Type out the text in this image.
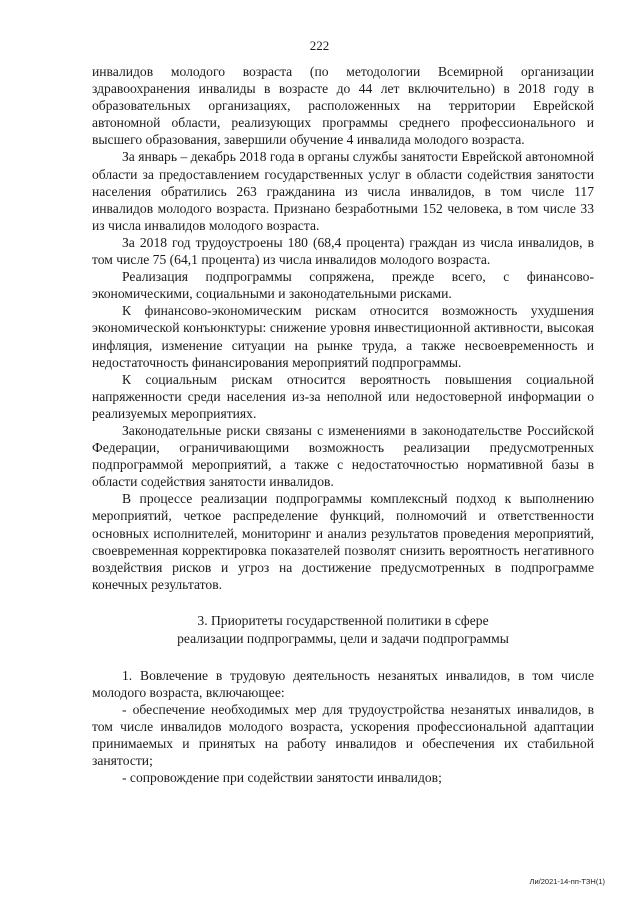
222

инвалидов молодого возраста (по методологии Всемирной организации здравоохранения инвалиды в возрасте до 44 лет включительно) в 2018 году в образовательных организациях, расположенных на территории Еврейской автономной области, реализующих программы среднего профессионального и высшего образования, завершили обучение 4 инвалида молодого возраста.

За январь – декабрь 2018 года в органы службы занятости Еврейской автономной области за предоставлением государственных услуг в области содействия занятости населения обратились 263 гражданина из числа инвалидов, в том числе 117 инвалидов молодого возраста. Признано безработными 152 человека, в том числе 33 из числа инвалидов молодого возраста.

За 2018 год трудоустроены 180 (68,4 процента) граждан из числа инвалидов, в том числе 75 (64,1 процента) из числа инвалидов молодого возраста.

Реализация подпрограммы сопряжена, прежде всего, с финансово-экономическими, социальными и законодательными рисками.

К финансово-экономическим рискам относится возможность ухудшения экономической конъюнктуры: снижение уровня инвестиционной активности, высокая инфляция, изменение ситуации на рынке труда, а также несвоевременность и недостаточность финансирования мероприятий подпрограммы.

К социальным рискам относится вероятность повышения социальной напряженности среди населения из-за неполной или недостоверной информации о реализуемых мероприятиях.

Законодательные риски связаны с изменениями в законодательстве Российской Федерации, ограничивающими возможность реализации предусмотренных подпрограммой мероприятий, а также с недостаточностью нормативной базы в области содействия занятости инвалидов.

В процессе реализации подпрограммы комплексный подход к выполнению мероприятий, четкое распределение функций, полномочий и ответственности основных исполнителей, мониторинг и анализ результатов проведения мероприятий, своевременная корректировка показателей позволят снизить вероятность негативного воздействия рисков и угроз на достижение предусмотренных в подпрограмме конечных результатов.

3. Приоритеты государственной политики в сфере
реализации подпрограммы, цели и задачи подпрограммы

1. Вовлечение в трудовую деятельность незанятых инвалидов, в том числе молодого возраста, включающее:

- обеспечение необходимых мер для трудоустройства незанятых инвалидов, в том числе инвалидов молодого возраста, ускорения профессиональной адаптации принимаемых и принятых на работу инвалидов и обеспечения их стабильной занятости;

- сопровождение при содействии занятости инвалидов;

Ли/2021-14-пп-ТЗН(1)
